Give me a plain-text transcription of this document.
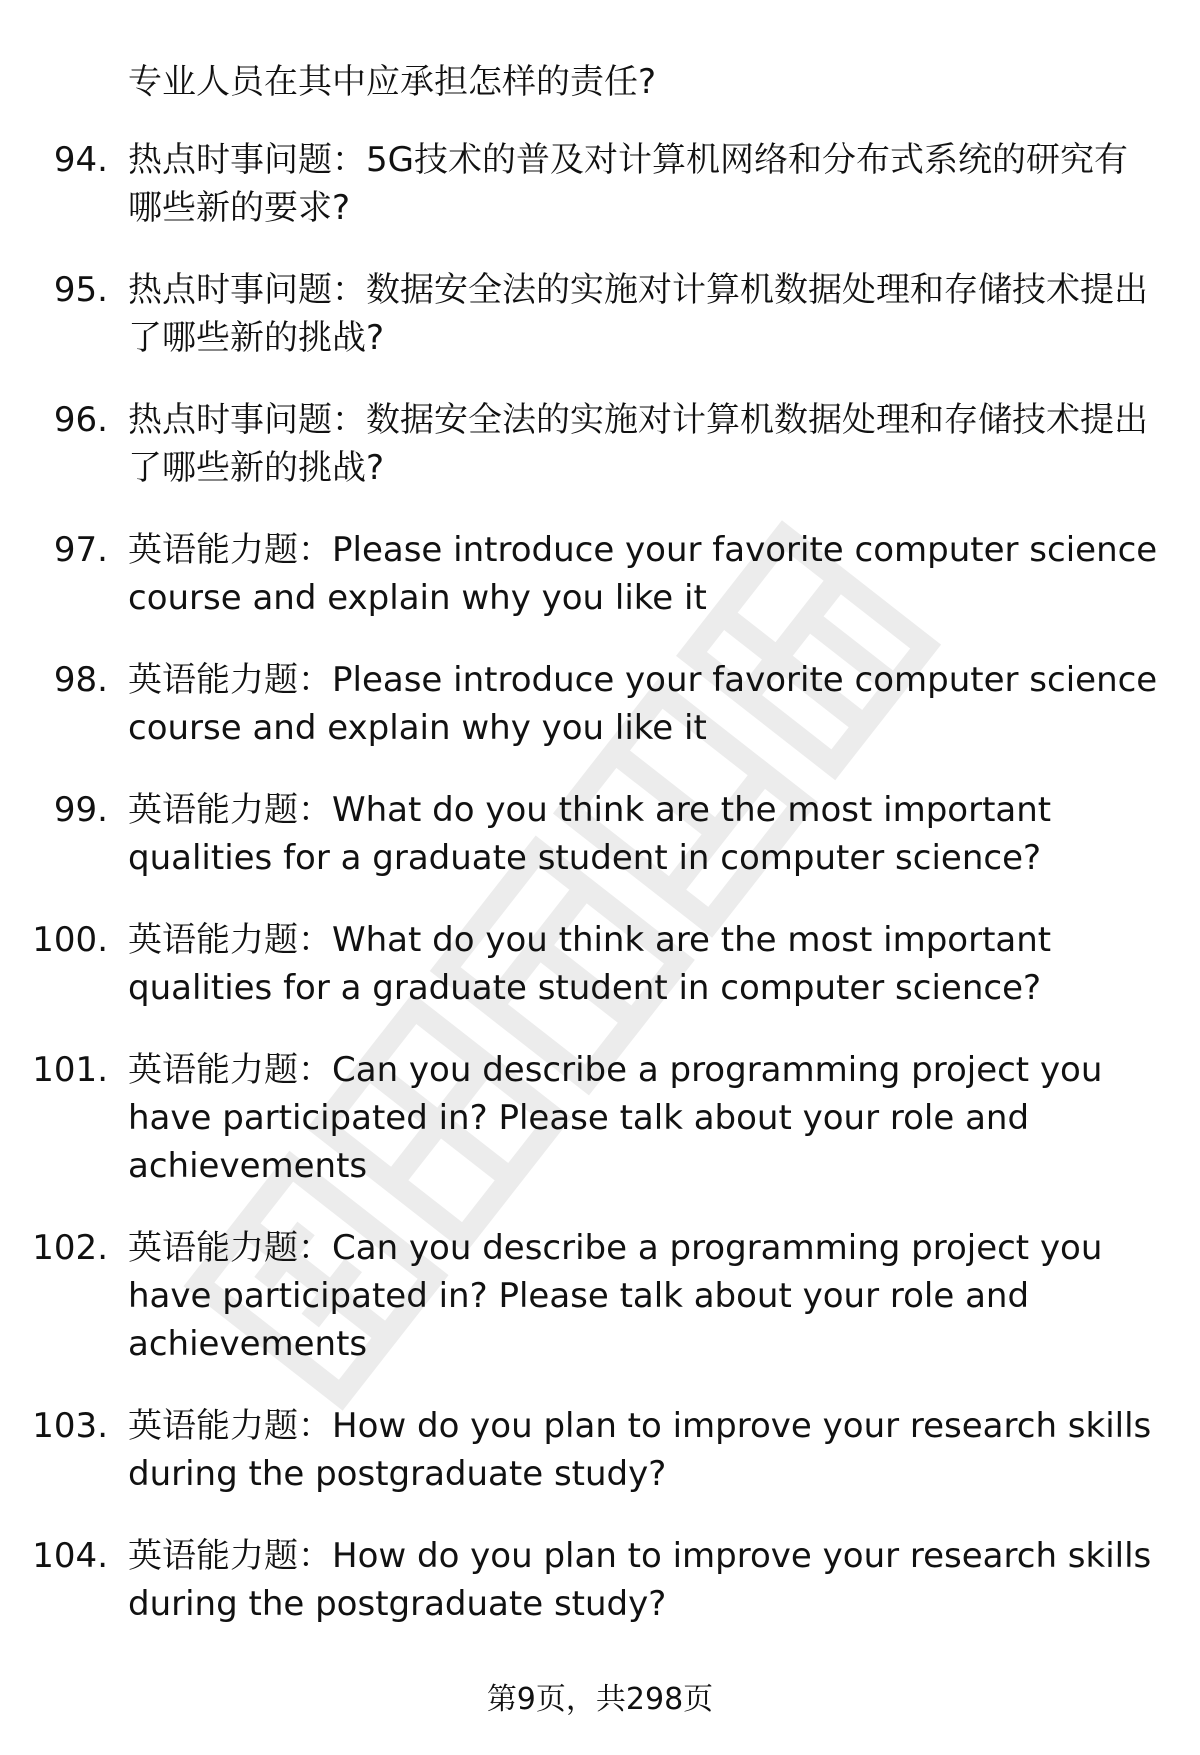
专业人员在其中应承担怎样的责任?
94. 热点时事问题：5G技术的普及对计算机网络和分布式系统的研究有哪些新的要求?
95. 热点时事问题：数据安全法的实施对计算机数据处理和存储技术提出了哪些新的挑战?
96. 热点时事问题：数据安全法的实施对计算机数据处理和存储技术提出了哪些新的挑战?
97. 英语能力题：Please introduce your favorite computer science course and explain why you like it
98. 英语能力题：Please introduce your favorite computer science course and explain why you like it
99. 英语能力题：What do you think are the most important qualities for a graduate student in computer science?
100. 英语能力题：What do you think are the most important qualities for a graduate student in computer science?
101. 英语能力题：Can you describe a programming project you have participated in? Please talk about your role and achievements
102. 英语能力题：Can you describe a programming project you have participated in? Please talk about your role and achievements
103. 英语能力题：How do you plan to improve your research skills during the postgraduate study?
104. 英语能力题：How do you plan to improve your research skills during the postgraduate study?
第9页，共298页
